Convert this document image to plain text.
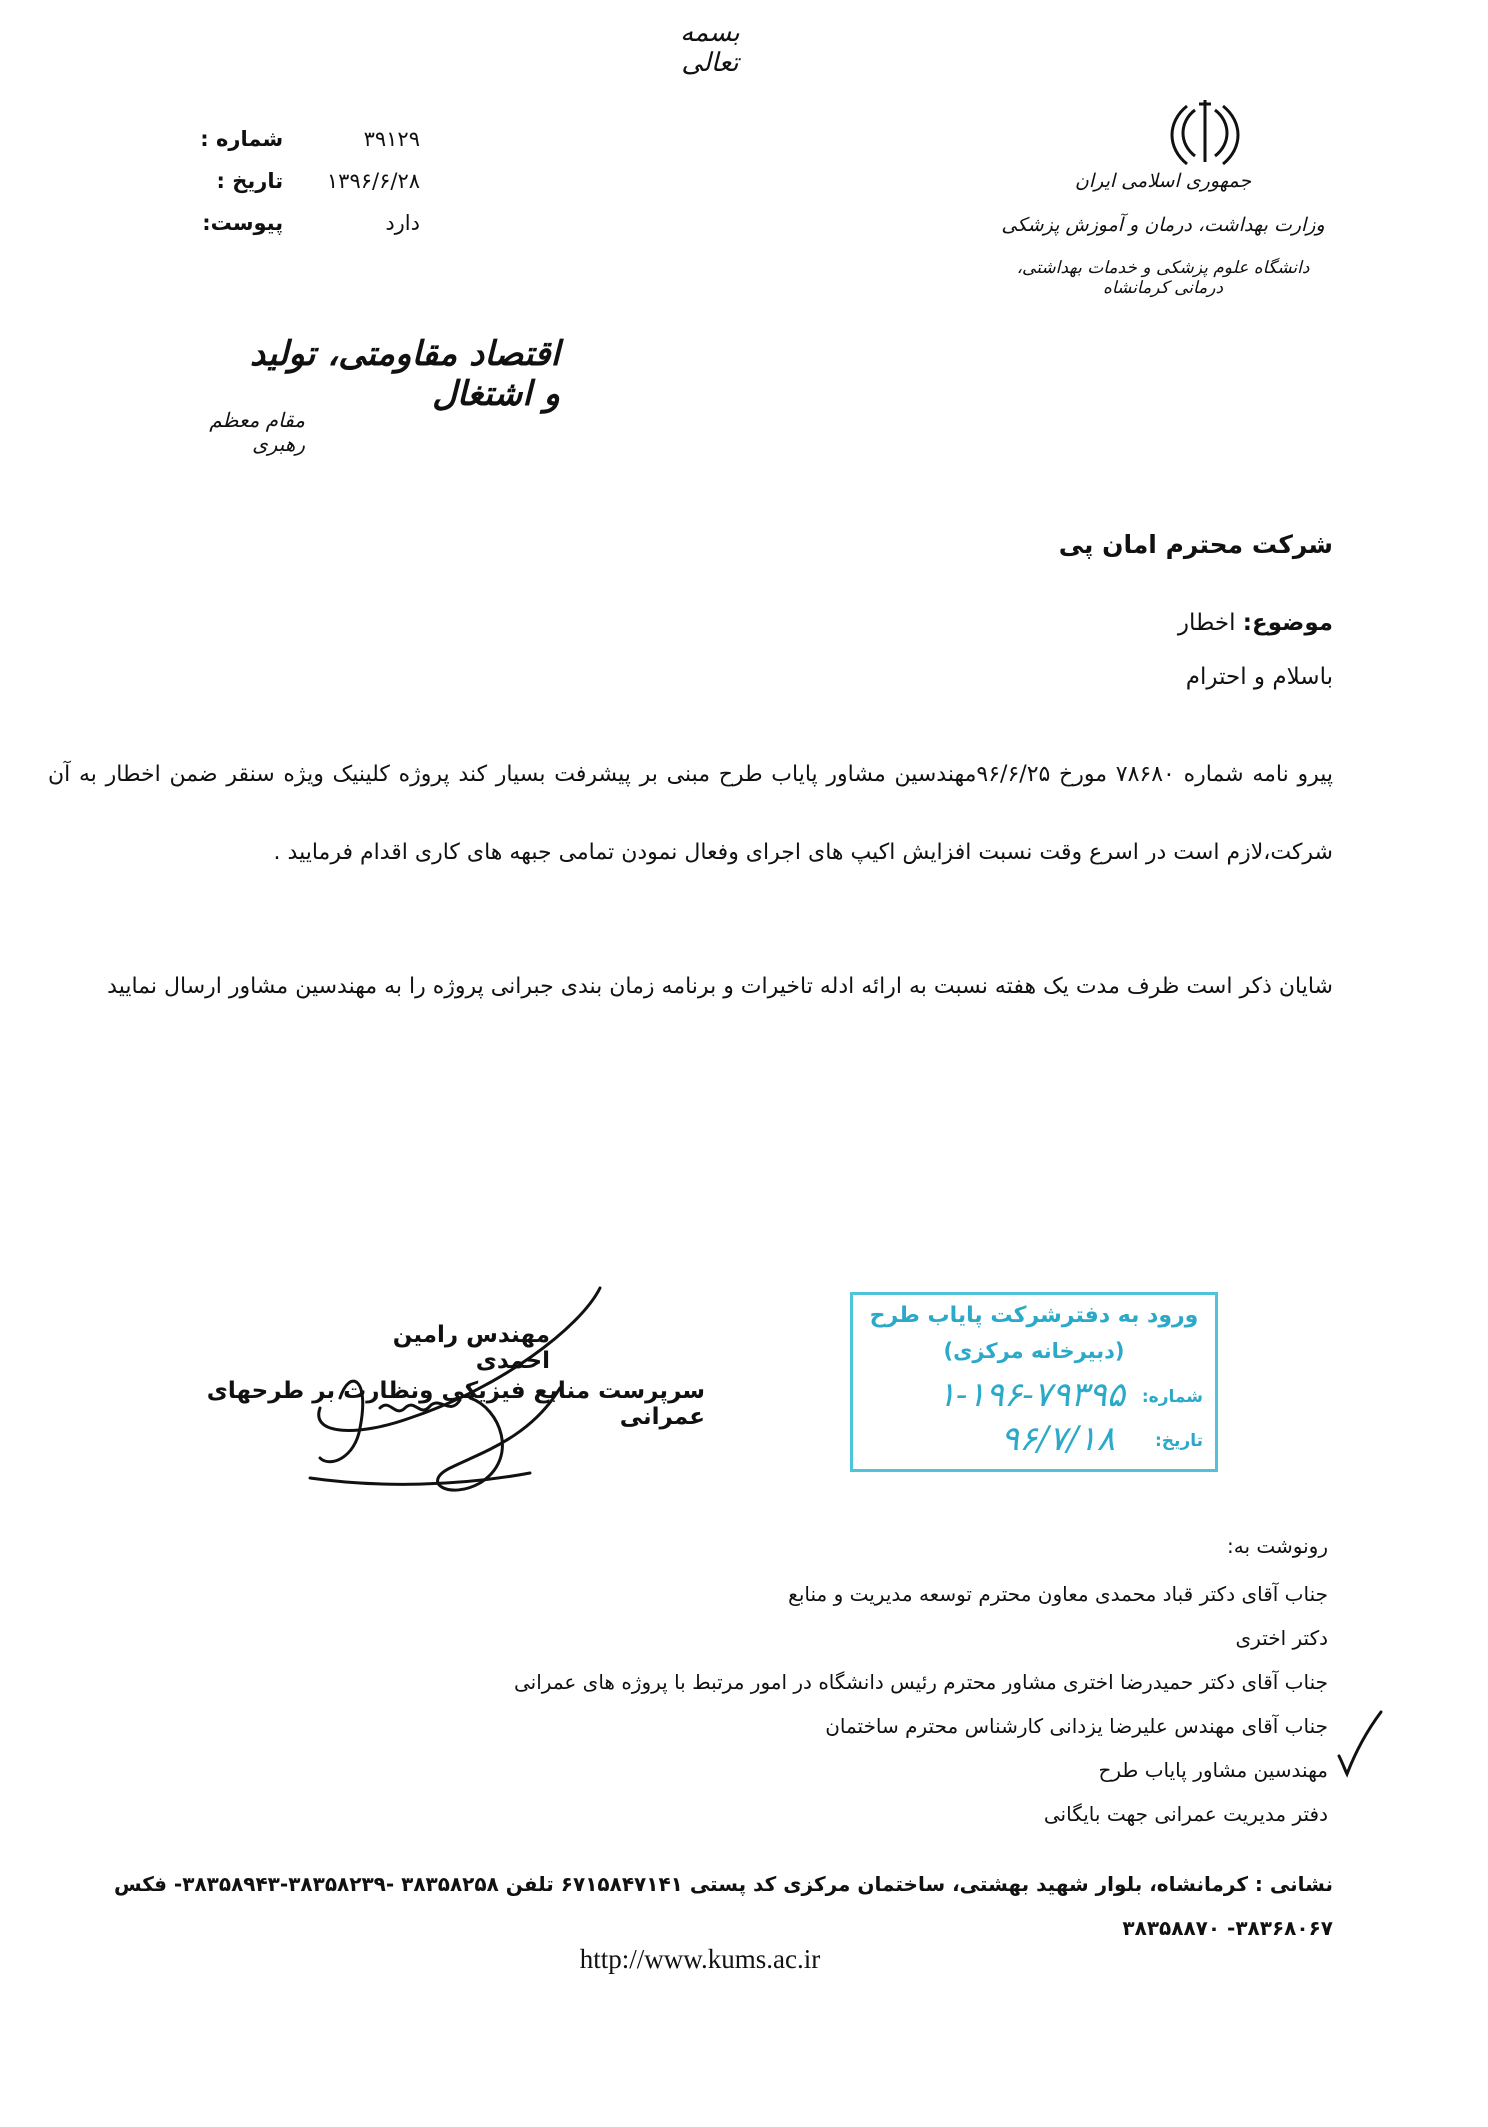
بسمه تعالی
جمهوری اسلامی ایران
وزارت بهداشت، درمان و آموزش پزشکی
دانشگاه علوم پزشکی و خدمات بهداشتی، درمانی کرمانشاه
شماره :	۳۹۱۲۹
تاریخ :	۱۳۹۶/۶/۲۸
پیوست:	دارد
اقتصاد مقاومتی، تولید و اشتغال
مقام معظم رهبری
شرکت محترم امان پی
موضوع: اخطار
باسلام و احترام
پیرو نامه شماره ۷۸۶۸۰ مورخ ۹۶/۶/۲۵مهندسین مشاور پایاب طرح مبنی بر پیشرفت بسیار کند پروژه کلینیک ویژه سنقر ضمن اخطار به آن شرکت،لازم است در اسرع وقت نسبت افزایش اکیپ های اجرای وفعال نمودن تمامی جبهه های کاری اقدام فرمایید .
شایان ذکر است ظرف مدت یک هفته نسبت به ارائه ادله تاخیرات و برنامه زمان بندی جبرانی پروژه را به مهندسین مشاور ارسال نمایید
مهندس رامین احمدی
سرپرست منابع فیزیکی ونظارت بر طرحهای عمرانی
ورود به دفترشرکت پایاب طرح
(دبیرخانه مرکزی)
شماره:
۱-۱۹۶-۷۹۳۹۵
تاریخ:
۹۶/۷/۱۸
رونوشت به:
جناب آقای دکتر قباد محمدی معاون محترم توسعه مدیریت و منابع
دکتر اختری
جناب آقای دکتر حمیدرضا اختری مشاور محترم رئیس دانشگاه در امور مرتبط با پروژه های عمرانی
جناب آقای مهندس علیرضا یزدانی کارشناس محترم ساختمان
مهندسین مشاور پایاب طرح
دفتر مدیریت عمرانی جهت بایگانی
نشانی : کرمانشاه، بلوار شهید بهشتی، ساختمان مرکزی کد پستی ۶۷۱۵۸۴۷۱۴۱ تلفن ۳۸۳۵۸۲۵۸ -۳۸۳۵۸۲۳۹-۳۸۳۵۸۹۴۳- فکس ۳۸۳۶۸۰۶۷- ۳۸۳۵۸۸۷۰
http://www.kums.ac.ir
